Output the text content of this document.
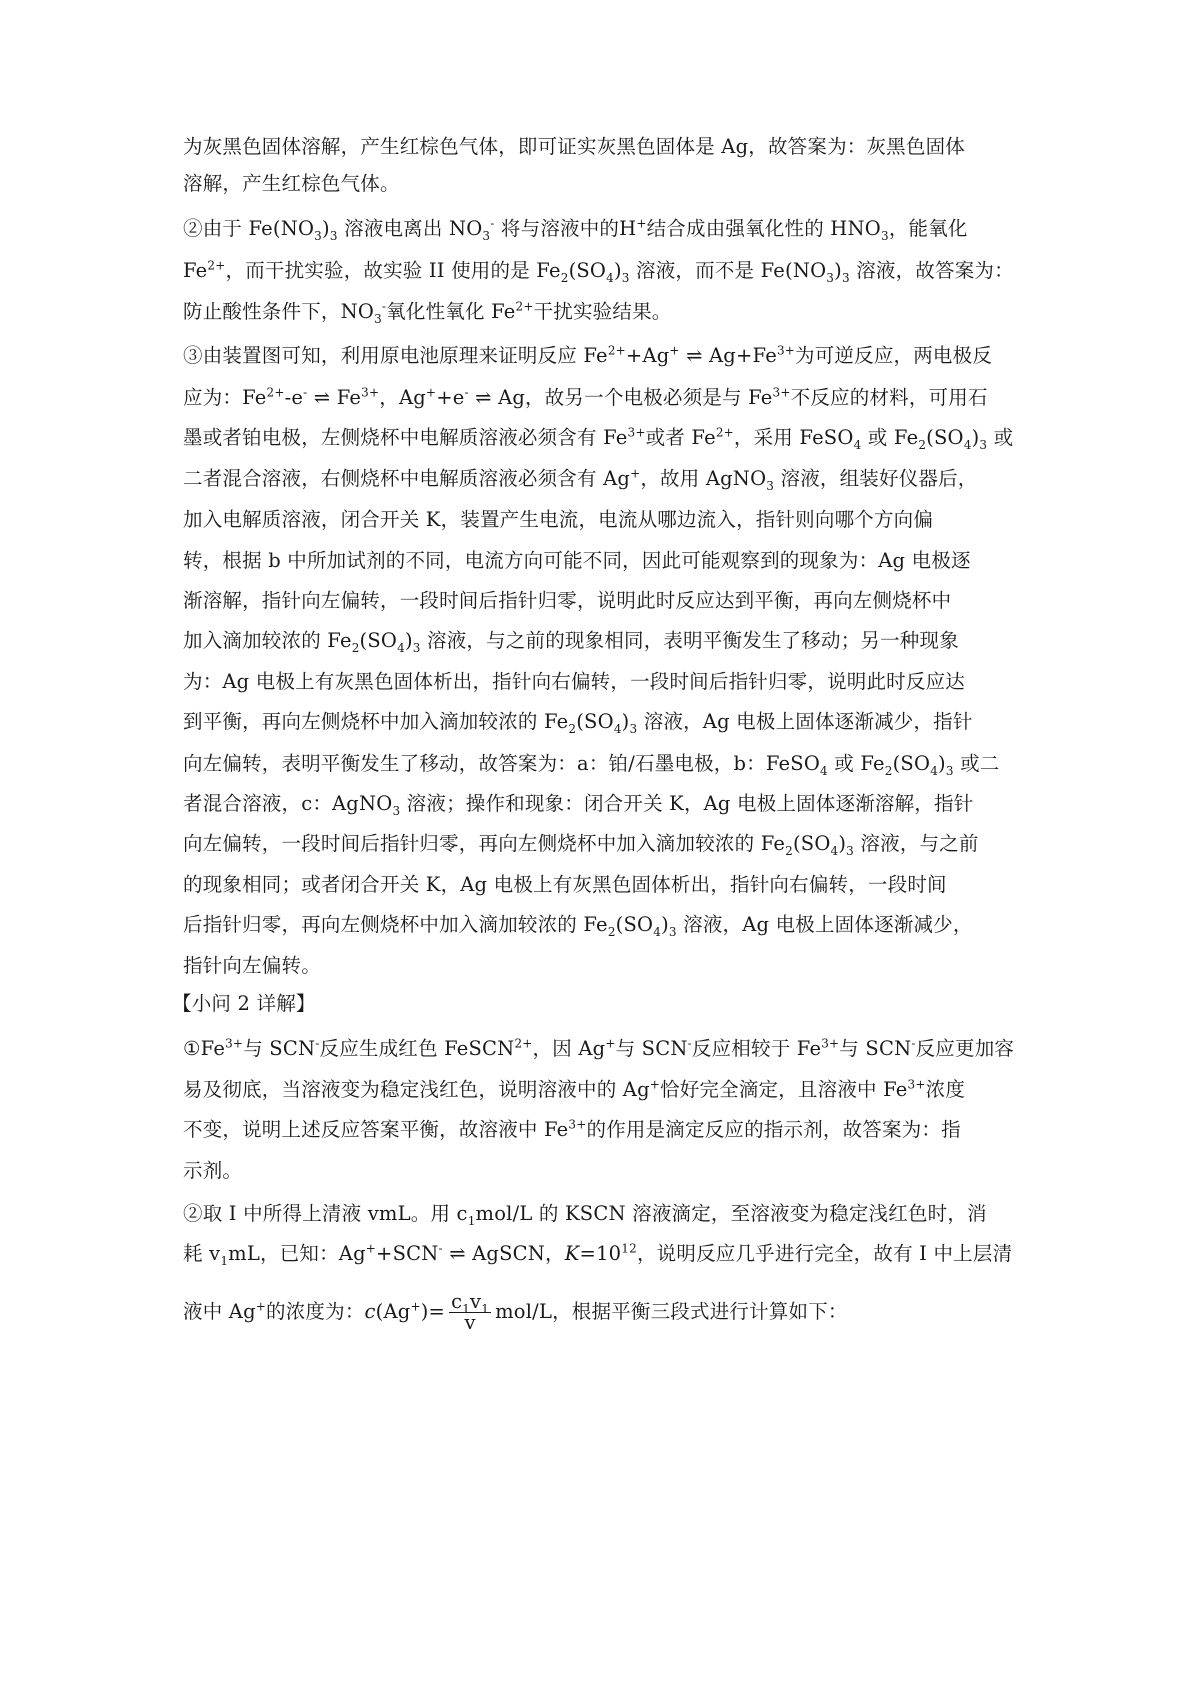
为灰黑色固体溶解，产生红棕色气体，即可证实灰黑色固体是 Ag，故答案为：灰黑色固体
溶解，产生红棕色气体。
②由于 $Fe(NO_3)_3$ 溶液电离出 $NO_3^-$ 将与溶液中的H+结合成由强氧化性的 $HNO_3$，能氧化
$Fe^{2+}$，而干扰实验，故实验 II 使用的是 $Fe_2(SO_4)_3$ 溶液，而不是 $Fe(NO_3)_3$ 溶液，故答案为：
防止酸性条件下，$NO_3^-$氧化性氧化 $Fe^{2+}$干扰实验结果。
③由装置图可知，利用原电池原理来证明反应 $Fe^{2+}+Ag^+$ ⇌ $Ag+Fe^{3+}$为可逆反应，两电极反
应为：$Fe^{2+}-e^-$ ⇌ $Fe^{3+}$，Ag++e- ⇌ Ag，故另一个电极必须是与 $Fe^{3+}$不反应的材料，可用石
墨或者铂电极，左侧烧杯中电解质溶液必须含有 $Fe^{3+}$或者 $Fe^{2+}$，采用 FeSO$_4$ 或 $Fe_2(SO_4)_3$ 或
二者混合溶液，右侧烧杯中电解质溶液必须含有 Ag+，故用 AgNO$_3$ 溶液，组装好仪器后，
加入电解质溶液，闭合开关 K，装置产生电流，电流从哪边流入，指针则向哪个方向偏
转，根据 b 中所加试剂的不同，电流方向可能不同，因此可能观察到的现象为：Ag 电极逐
渐溶解，指针向左偏转，一段时间后指针归零，说明此时反应达到平衡，再向左侧烧杯中
加入滴加较浓的 $Fe_2(SO_4)_3$ 溶液，与之前的现象相同，表明平衡发生了移动；另一种现象
为：Ag 电极上有灰黑色固体析出，指针向右偏转，一段时间后指针归零，说明此时反应达
到平衡，再向左侧烧杯中加入滴加较浓的 $Fe_2(SO_4)_3$ 溶液，Ag 电极上固体逐渐减少，指针
向左偏转，表明平衡发生了移动，故答案为：a：铂/石墨电极，b：FeSO$_4$ 或 $Fe_2(SO_4)_3$ 或二
者混合溶液，c：AgNO$_3$ 溶液；操作和现象：闭合开关 K，Ag 电极上固体逐渐溶解，指针
向左偏转，一段时间后指针归零，再向左侧烧杯中加入滴加较浓的 $Fe_2(SO_4)_3$ 溶液，与之前
的现象相同；或者闭合开关 K，Ag 电极上有灰黑色固体析出，指针向右偏转，一段时间
后指针归零，再向左侧烧杯中加入滴加较浓的 $Fe_2(SO_4)_3$ 溶液，Ag 电极上固体逐渐减少，
指针向左偏转。
【小问 2 详解】
$①Fe^{3+}$与 SCN-反应生成红色 FeSCN$^{2+}$，因 Ag+与 SCN-反应相较于 $Fe^{3+}$与 SCN-反应更加容
易及彻底，当溶液变为稳定浅红色，说明溶液中的 Ag+恰好完全滴定，且溶液中 $Fe^{3+}$浓度
不变，说明上述反应答案平衡，故溶液中 $Fe^{3+}$的作用是滴定反应的指示剂，故答案为：指
示剂。
②取 I 中所得上清液 vmL。用 $c_1mol/L$ 的 KSCN 溶液滴定，至溶液变为稳定浅红色时，消
耗 $v_1mL$，已知：Ag++SCN- ⇌ AgSCN，$K=10^{12}$，说明反应几乎进行完全，故有 I 中上层清
液中 Ag+的浓度为：$c(Ag^+)= \frac{c_1v_1}{v} mol/L$，根据平衡三段式进行计算如下：
